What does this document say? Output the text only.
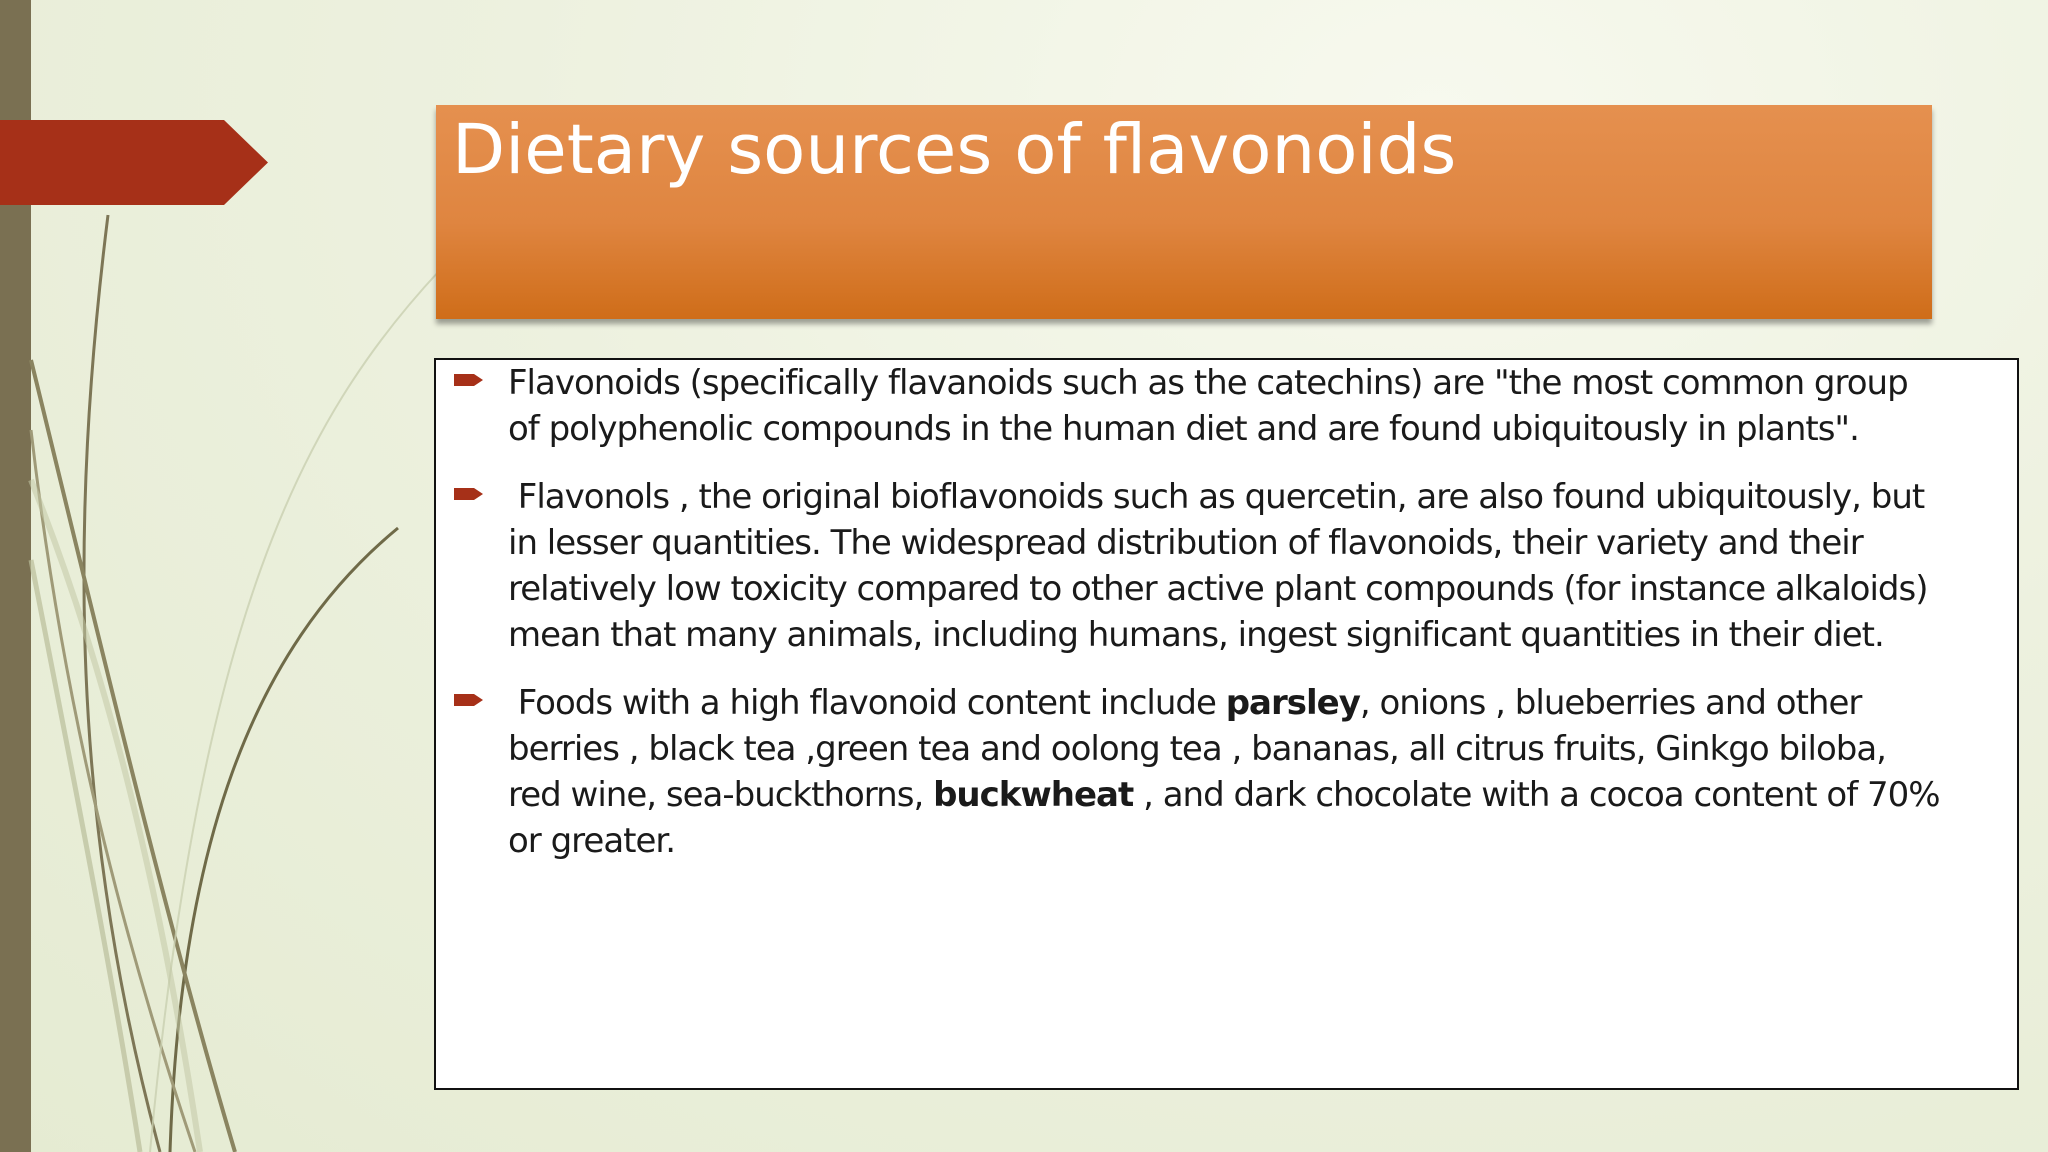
Dietary sources of flavonoids

Flavonoids (specifically flavanoids such as the catechins) are "the most common group
of polyphenolic compounds in the human diet and are found ubiquitously in plants".

Flavonols , the original bioflavonoids such as quercetin, are also found ubiquitously, but
in lesser quantities. The widespread distribution of flavonoids, their variety and their
relatively low toxicity compared to other active plant compounds (for instance alkaloids)
mean that many animals, including humans, ingest significant quantities in their diet.

Foods with a high flavonoid content include parsley, onions , blueberries and other
berries , black tea ,green tea and oolong tea , bananas, all citrus fruits, Ginkgo biloba,
red wine, sea-buckthorns, buckwheat , and dark chocolate with a cocoa content of 70%
or greater.
